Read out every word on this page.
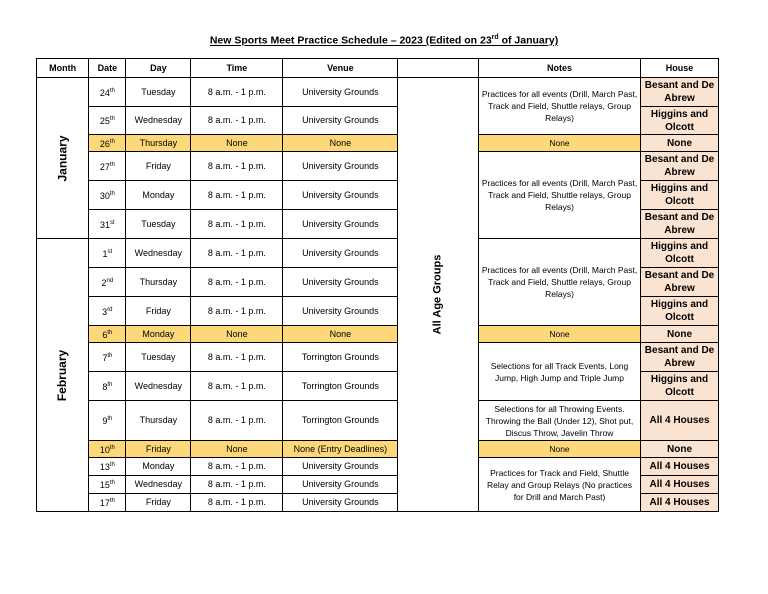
New Sports Meet Practice Schedule – 2023 (Edited on 23rd of January)
Month	Date	Day	Time	Venue		Notes	House
January	24th	Tuesday	8 a.m. - 1 p.m.	University Grounds	All Age Groups	Practices for all events (Drill, March Past, Track and Field, Shuttle relays, Group Relays)	Besant and De Abrew
	25th	Wednesday	8 a.m. - 1 p.m.	University Grounds			Higgins and Olcott
	26th	Thursday	None	None		None	None
	27th	Friday	8 a.m. - 1 p.m.	University Grounds		Practices for all events (Drill, March Past, Track and Field, Shuttle relays, Group Relays)	Besant and De Abrew
	30th	Monday	8 a.m. - 1 p.m.	University Grounds			Higgins and Olcott
	31st	Tuesday	8 a.m. - 1 p.m.	University Grounds			Besant and De Abrew
February	1st	Wednesday	8 a.m. - 1 p.m.	University Grounds		Practices for all events (Drill, March Past, Track and Field, Shuttle relays, Group Relays)	Higgins and Olcott
	2nd	Thursday	8 a.m. - 1 p.m.	University Grounds			Besant and De Abrew
	3rd	Friday	8 a.m. - 1 p.m.	University Grounds			Higgins and Olcott
	6th	Monday	None	None		None	None
	7th	Tuesday	8 a.m. - 1 p.m.	Torrington Grounds		Selections for all Track Events, Long Jump, High Jump and Triple Jump	Besant and De Abrew
	8th	Wednesday	8 a.m. - 1 p.m.	Torrington Grounds			Higgins and Olcott
	9th	Thursday	8 a.m. - 1 p.m.	Torrington Grounds		Selections for all Throwing Events. Throwing the Ball (Under 12), Shot put, Discus Throw, Javelin Throw	All 4 Houses
	10th	Friday	None	None (Entry Deadlines)		None	None
	13th	Monday	8 a.m. - 1 p.m.	University Grounds		Practices for Track and Field, Shuttle Relay and Group Relays (No practices for Drill and March Past)	All 4 Houses
	15th	Wednesday	8 a.m. - 1 p.m.	University Grounds			All 4 Houses
	17th	Friday	8 a.m. - 1 p.m.	University Grounds			All 4 Houses
